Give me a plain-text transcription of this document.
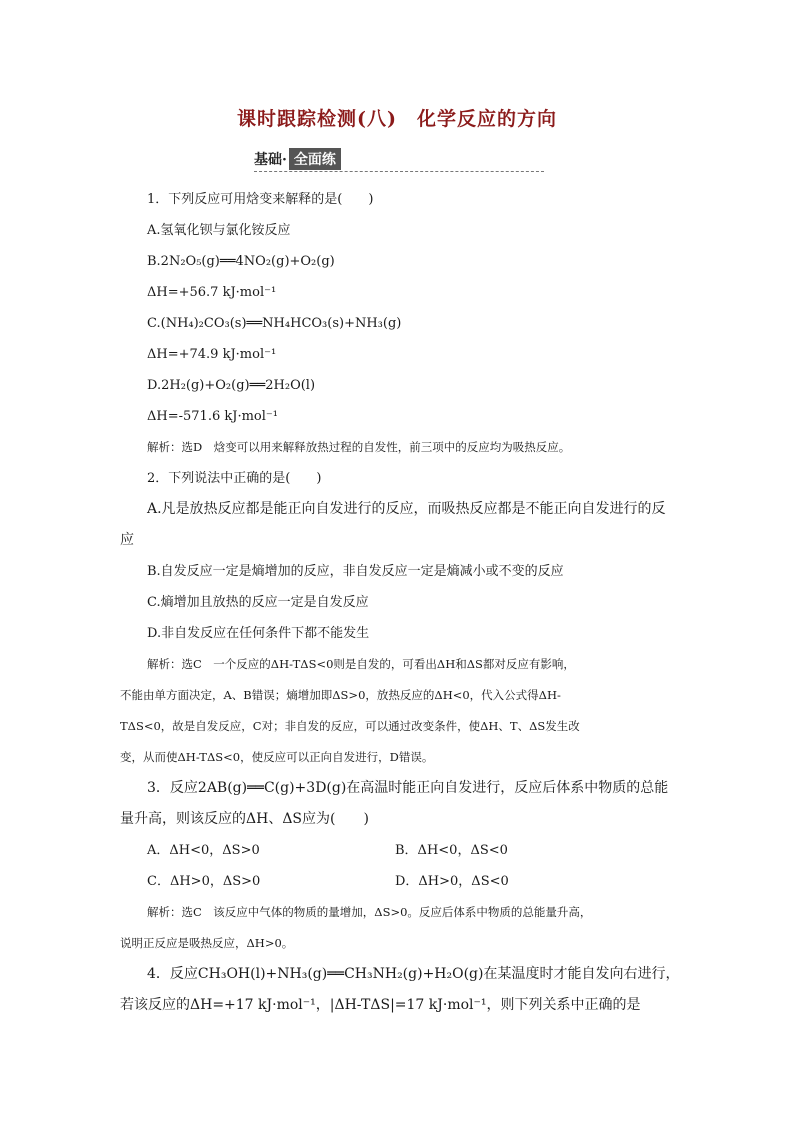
课时跟踪检测(八)　化学反应的方向
基础· 全面练
1．下列反应可用焓变来解释的是(　　)
A.氢氧化钡与氯化铵反应
B.2N₂O₅(g)══4NO₂(g)+O₂(g)
ΔH=+56.7 kJ·mol⁻¹
C.(NH₄)₂CO₃(s)══NH₄HCO₃(s)+NH₃(g)
ΔH=+74.9 kJ·mol⁻¹
D.2H₂(g)+O₂(g)══2H₂O(l)
ΔH=-571.6 kJ·mol⁻¹
解析：选D　焓变可以用来解释放热过程的自发性，前三项中的反应均为吸热反应。
2．下列说法中正确的是(　　)
A.凡是放热反应都是能正向自发进行的反应，而吸热反应都是不能正向自发进行的反
应
B.自发反应一定是熵增加的反应，非自发反应一定是熵减小或不变的反应
C.熵增加且放热的反应一定是自发反应
D.非自发反应在任何条件下都不能发生
解析：选C　一个反应的ΔH-TΔS<0则是自发的，可看出ΔH和ΔS都对反应有影响，
不能由单方面决定，A、B错误；熵增加即ΔS>0，放热反应的ΔH<0，代入公式得ΔH-
TΔS<0，故是自发反应，C对；非自发的反应，可以通过改变条件，使ΔH、T、ΔS发生改
变，从而使ΔH-TΔS<0，使反应可以正向自发进行，D错误。
3．反应2AB(g)══C(g)+3D(g)在高温时能正向自发进行，反应后体系中物质的总能
量升高，则该反应的ΔH、ΔS应为(　　)
A．ΔH<0，ΔS>0	B．ΔH<0，ΔS<0
C．ΔH>0，ΔS>0	D．ΔH>0，ΔS<0
解析：选C　该反应中气体的物质的量增加，ΔS>0。反应后体系中物质的总能量升高，
说明正反应是吸热反应，ΔH>0。
4．反应CH₃OH(l)+NH₃(g)══CH₃NH₂(g)+H₂O(g)在某温度时才能自发向右进行，
若该反应的ΔH=+17 kJ·mol⁻¹，|ΔH-TΔS|=17 kJ·mol⁻¹，则下列关系中正确的是
